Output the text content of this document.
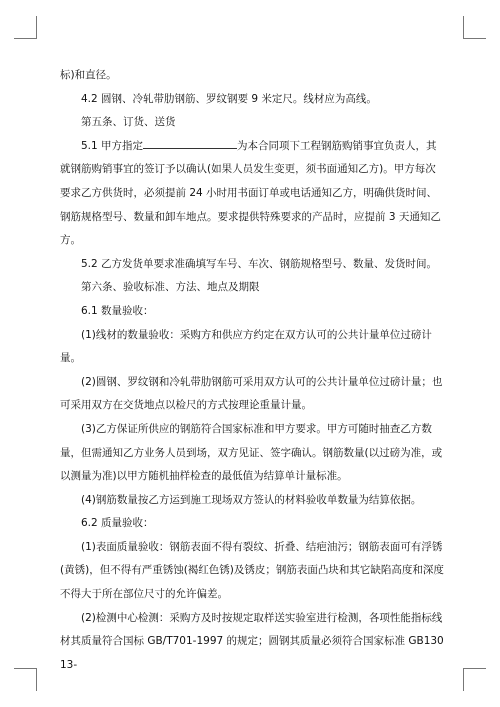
标)和直径。

4.2 圆钢、冷轧带肋钢筋、罗纹钢要 9 米定尺。线材应为高线。

第五条、订货、送货

5.1 甲方指定	为本合同项下工程钢筋购销事宜负责人，其就钢筋购销事宜的签订予以确认(如果人员发生变更，须书面通知乙方)。甲方每次要求乙方供货时，必须提前 24 小时用书面订单或电话通知乙方，明确供货时间、钢筋规格型号、数量和卸车地点。要求提供特殊要求的产品时，应提前 3 天通知乙方。

5.2 乙方发货单要求准确填写车号、车次、钢筋规格型号、数量、发货时间。

第六条、验收标准、方法、地点及期限

6.1 数量验收：

(1)线材的数量验收：采购方和供应方约定在双方认可的公共计量单位过磅计量。

(2)圆钢、罗纹钢和冷轧带肋钢筋可采用双方认可的公共计量单位过磅计量；也可采用双方在交货地点以检尺的方式按理论重量计量。

(3)乙方保证所供应的钢筋符合国家标准和甲方要求。甲方可随时抽查乙方数量，但需通知乙方业务人员到场，双方见证、签字确认。钢筋数量(以过磅为准，或以测量为准)以甲方随机抽样检查的最低值为结算单计量标准。

(4)钢筋数量按乙方运到施工现场双方签认的材料验收单数量为结算依据。

6.2 质量验收：

(1)表面质量验收：钢筋表面不得有裂纹、折叠、结疤油污；钢筋表面可有浮锈(黄锈)，但不得有严重锈蚀(褐红色锈)及锈皮；钢筋表面凸块和其它缺陷高度和深度不得大于所在部位尺寸的允许偏差。

(2)检测中心检测：采购方及时按规定取样送实验室进行检测，各项性能指标线材其质量符合国标 GB/T701-1997 的规定；圆钢其质量必须符合国家标准 GB13013-
